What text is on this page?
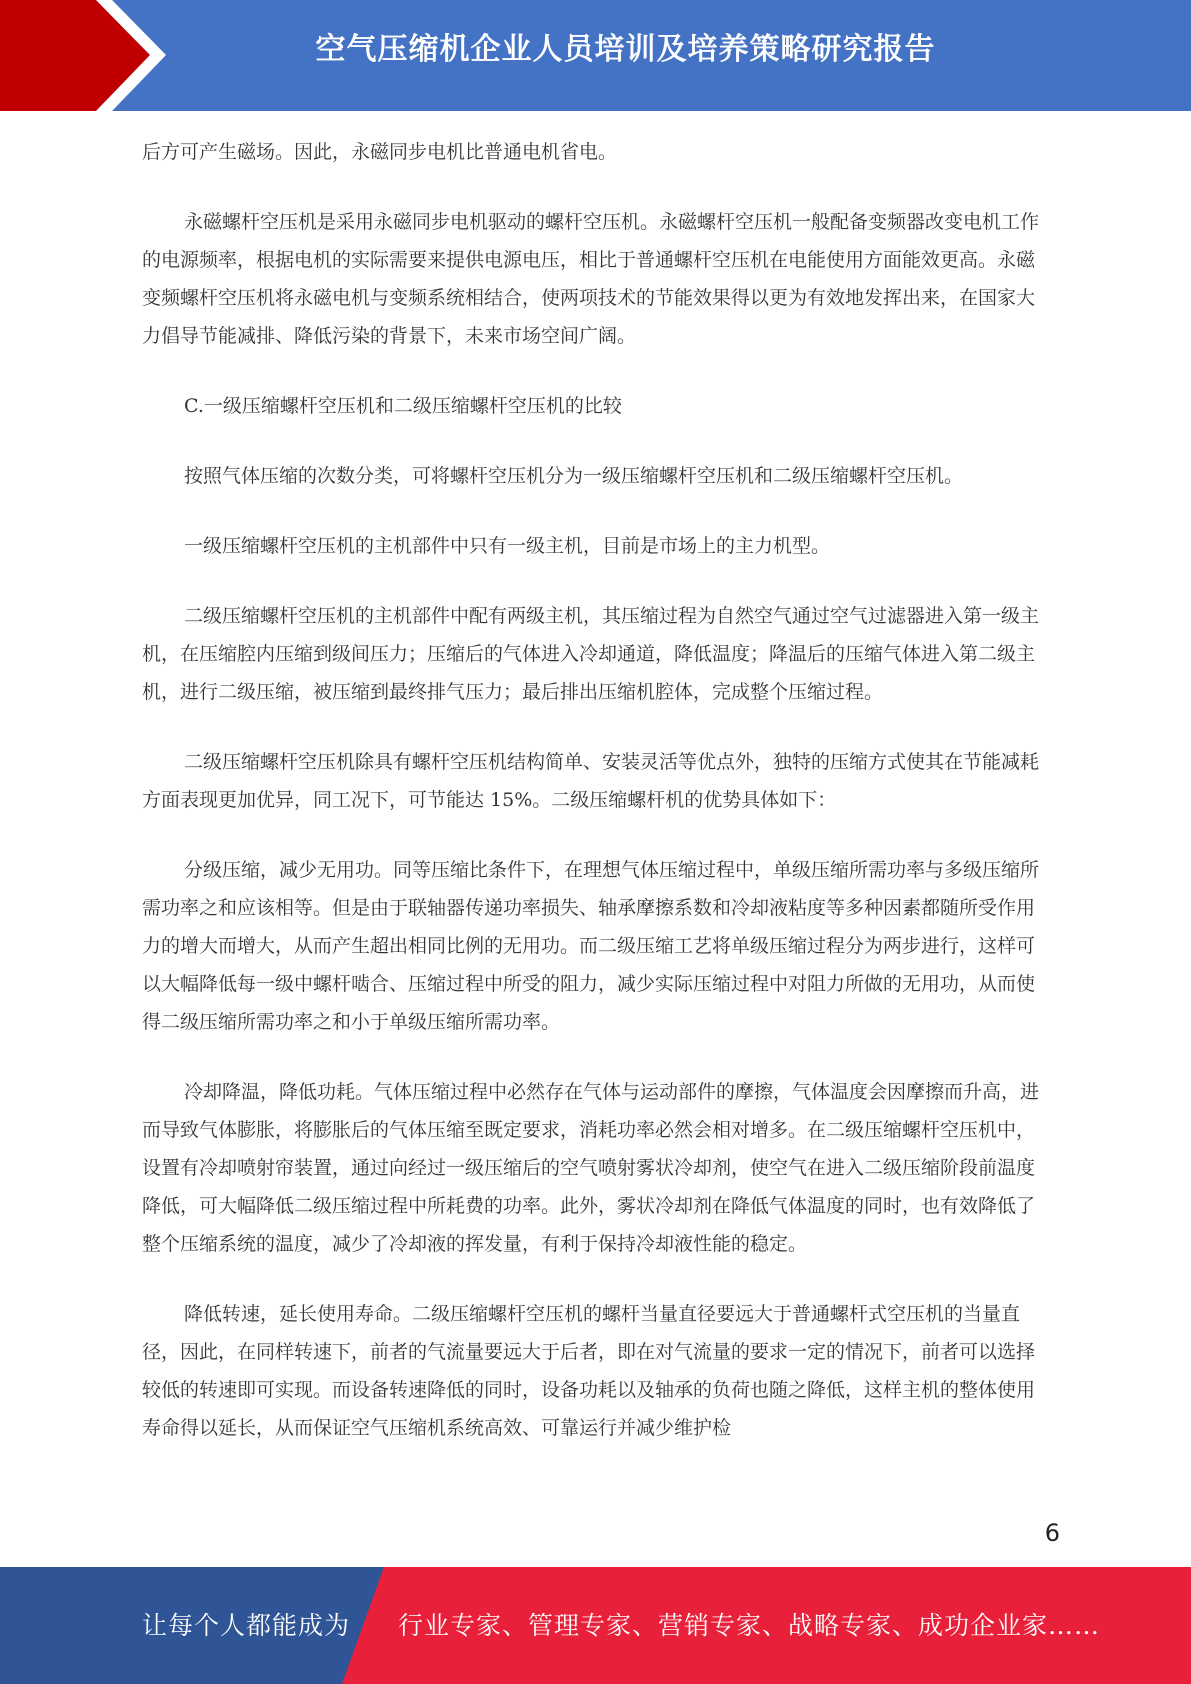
空气压缩机企业人员培训及培养策略研究报告

后方可产生磁场。因此，永磁同步电机比普通电机省电。

永磁螺杆空压机是采用永磁同步电机驱动的螺杆空压机。永磁螺杆空压机一般配备变频器改变电机工作的电源频率，根据电机的实际需要来提供电源电压，相比于普通螺杆空压机在电能使用方面能效更高。永磁变频螺杆空压机将永磁电机与变频系统相结合，使两项技术的节能效果得以更为有效地发挥出来，在国家大力倡导节能减排、降低污染的背景下，未来市场空间广阔。

C.一级压缩螺杆空压机和二级压缩螺杆空压机的比较

按照气体压缩的次数分类，可将螺杆空压机分为一级压缩螺杆空压机和二级压缩螺杆空压机。

一级压缩螺杆空压机的主机部件中只有一级主机，目前是市场上的主力机型。

二级压缩螺杆空压机的主机部件中配有两级主机，其压缩过程为自然空气通过空气过滤器进入第一级主机，在压缩腔内压缩到级间压力；压缩后的气体进入冷却通道，降低温度；降温后的压缩气体进入第二级主机，进行二级压缩，被压缩到最终排气压力；最后排出压缩机腔体，完成整个压缩过程。

二级压缩螺杆空压机除具有螺杆空压机结构简单、安装灵活等优点外，独特的压缩方式使其在节能减耗方面表现更加优异，同工况下，可节能达 15%。二级压缩螺杆机的优势具体如下：

分级压缩，减少无用功。同等压缩比条件下，在理想气体压缩过程中，单级压缩所需功率与多级压缩所需功率之和应该相等。但是由于联轴器传递功率损失、轴承摩擦系数和冷却液粘度等多种因素都随所受作用力的增大而增大，从而产生超出相同比例的无用功。而二级压缩工艺将单级压缩过程分为两步进行，这样可以大幅降低每一级中螺杆啮合、压缩过程中所受的阻力，减少实际压缩过程中对阻力所做的无用功，从而使得二级压缩所需功率之和小于单级压缩所需功率。

冷却降温，降低功耗。气体压缩过程中必然存在气体与运动部件的摩擦，气体温度会因摩擦而升高，进而导致气体膨胀，将膨胀后的气体压缩至既定要求，消耗功率必然会相对增多。在二级压缩螺杆空压机中，设置有冷却喷射帘装置，通过向经过一级压缩后的空气喷射雾状冷却剂，使空气在进入二级压缩阶段前温度降低，可大幅降低二级压缩过程中所耗费的功率。此外，雾状冷却剂在降低气体温度的同时，也有效降低了整个压缩系统的温度，减少了冷却液的挥发量，有利于保持冷却液性能的稳定。

降低转速，延长使用寿命。二级压缩螺杆空压机的螺杆当量直径要远大于普通螺杆式空压机的当量直径，因此，在同样转速下，前者的气流量要远大于后者，即在对气流量的要求一定的情况下，前者可以选择较低的转速即可实现。而设备转速降低的同时，设备功耗以及轴承的负荷也随之降低，这样主机的整体使用寿命得以延长，从而保证空气压缩机系统高效、可靠运行并减少维护检

6
让每个人都能成为 行业专家、管理专家、营销专家、战略专家、成功企业家……
